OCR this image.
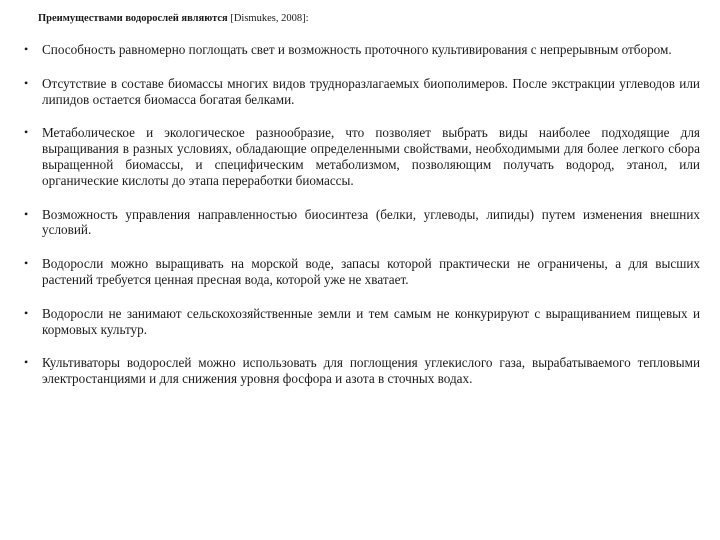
Преимуществами водорослей являются [Dismukes, 2008]:
• Способность равномерно поглощать свет и возможность проточного культивирования с непрерывным отбором.
• Отсутствие в составе биомассы многих видов трудноразлагаемых биополимеров. После экстракции углеводов или липидов остается биомасса богатая белками.
• Метаболическое и экологическое разнообразие, что позволяет выбрать виды наиболее подходящие для выращивания в разных условиях, обладающие определенными свойствами, необходимыми для более легкого сбора выращенной биомассы, и специфическим метаболизмом, позволяющим получать водород, этанол, или органические кислоты до этапа переработки биомассы.
• Возможность управления направленностью биосинтеза (белки, углеводы, липиды) путем изменения внешних условий.
• Водоросли можно выращивать на морской воде, запасы которой практически не ограничены, а для высших растений требуется ценная пресная вода, которой уже не хватает.
• Водоросли не занимают сельскохозяйственные земли и тем самым не конкурируют с выращиванием пищевых и кормовых культур.
• Культиваторы водорослей можно использовать для поглощения углекислого газа, вырабатываемого тепловыми электростанциями и для снижения уровня фосфора и азота в сточных водах.
